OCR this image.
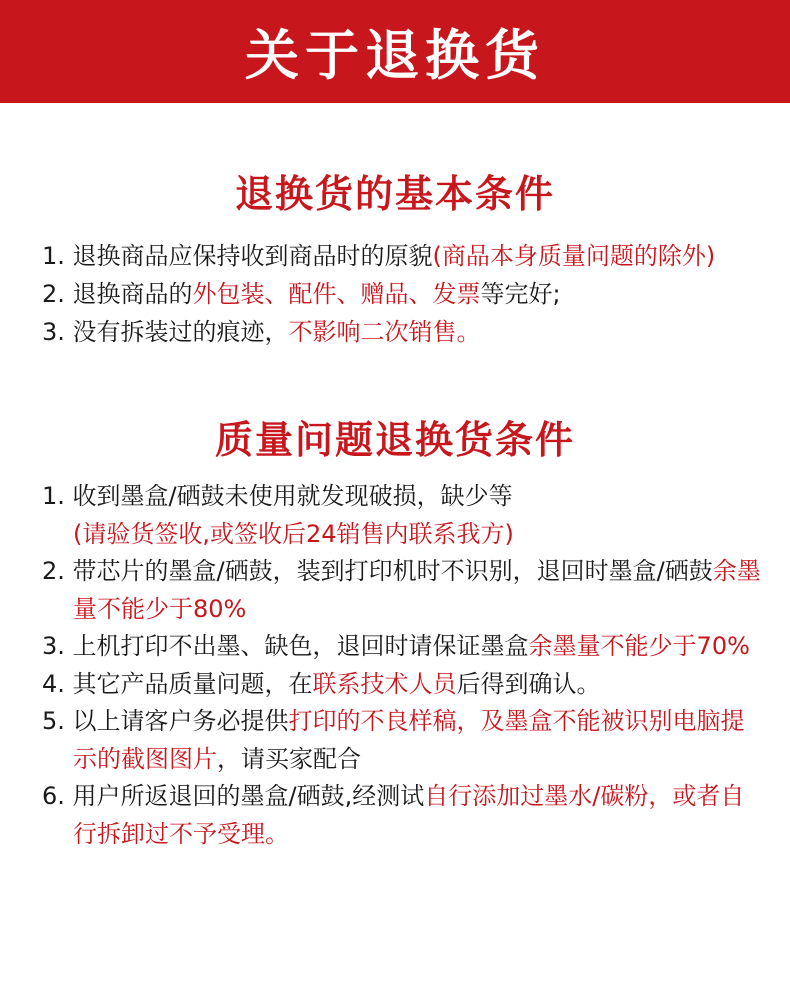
关于退换货
退换货的基本条件
1. 退换商品应保持收到商品时的原貌(商品本身质量问题的除外)
2. 退换商品的外包装、配件、赠品、发票等完好;
3. 没有拆装过的痕迹，不影响二次销售。
质量问题退换货条件
1. 收到墨盒/硒鼓未使用就发现破损，缺少等
(请验货签收,或签收后24销售内联系我方)
2. 带芯片的墨盒/硒鼓，装到打印机时不识别，退回时墨盒/硒鼓余墨量不能少于80%
3. 上机打印不出墨、缺色，退回时请保证墨盒余墨量不能少于70%
4. 其它产品质量问题，在联系技术人员后得到确认。
5. 以上请客户务必提供打印的不良样稿，及墨盒不能被识别电脑提示的截图图片，请买家配合
6. 用户所返退回的墨盒/硒鼓,经测试自行添加过墨水/碳粉，或者自行拆卸过不予受理。
